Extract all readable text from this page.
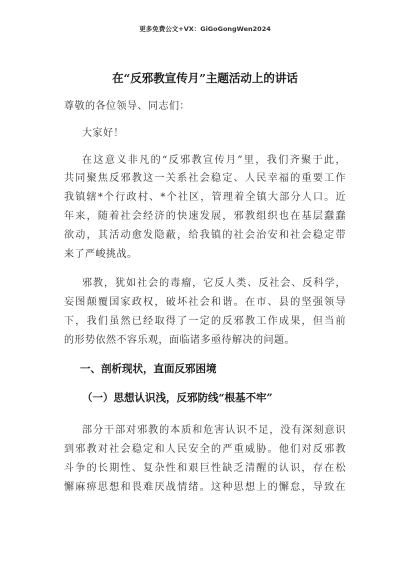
更多免费公文+VX：GiGoGongWen2024
在“反邪教宣传月”主题活动上的讲话
尊敬的各位领导、同志们：
大家好！
在这意义非凡的“反邪教宣传月”里，我们齐聚于此，
共同聚焦反邪教这一关系社会稳定、人民幸福的重要工作
我镇辖*个行政村、*个社区，管理着全镇大部分人口。近
年来，随着社会经济的快速发展，邪教组织也在基层蠢蠢
欲动，其活动愈发隐蔽，给我镇的社会治安和社会稳定带
来了严峻挑战。
邪教，犹如社会的毒瘤，它反人类、反社会、反科学，
妄图颠覆国家政权，破坏社会和谐。在市、县的坚强领导
下，我们虽然已经取得了一定的反邪教工作成果，但当前
的形势依然不容乐观，面临诸多亟待解决的问题。
一、剖析现状，直面反邪困境
（一）思想认识浅，反邪防线“根基不牢”
部分干部对邪教的本质和危害认识不足，没有深刻意识
到邪教对社会稳定和人民安全的严重威胁。他们对反邪教
斗争的长期性、复杂性和艰巨性缺乏清醒的认识，存在松
懈麻痹思想和畏难厌战情绪。这种思想上的懈怠，导致在
